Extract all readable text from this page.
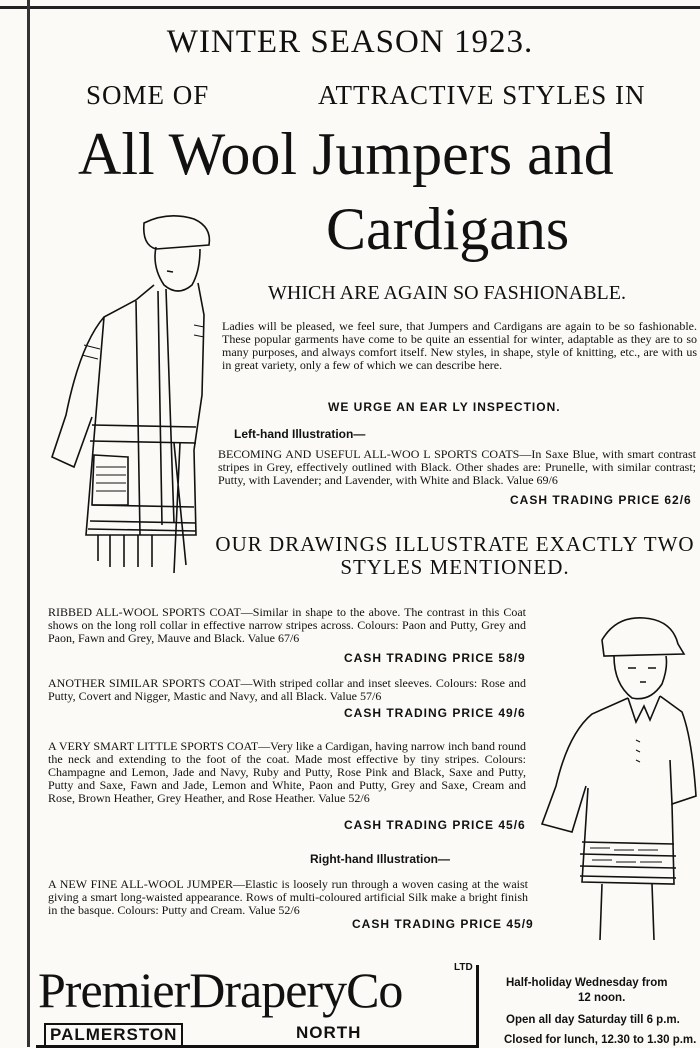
WINTER SEASON 1923.
SOME OF	ATTRACTIVE STYLES IN
All Wool Jumpers and
Cardigans
WHICH ARE AGAIN SO FASHIONABLE.
Ladies will be pleased, we feel sure, that Jumpers and Cardigans are again to be so fashionable. These popular garments have come to be quite an essential for winter, adaptable as they are to so many purposes, and always comfort itself. New styles, in shape, style of knitting, etc., are with us in great variety, only a few of which we can describe here.
WE URGE AN EAR LY INSPECTION.
Left-hand Illustration—
BECOMING AND USEFUL ALL-WOO L SPORTS COATS—In Saxe Blue, with smart contrast stripes in Grey, effectively outlined with Black. Other shades are: Prunelle, with similar contrast; Putty, with Lavender; and Lavender, with White and Black. Value 69/6
CASH TRADING PRICE 62/6
OUR DRAWINGS ILLUSTRATE EXACTLY TWO
STYLES MENTIONED.
RIBBED ALL-WOOL SPORTS COAT—Similar in shape to the above. The contrast in this Coat shows on the long roll collar in effective narrow stripes across. Colours: Paon and Putty, Grey and Paon, Fawn and Grey, Mauve and Black. Value 67/6
CASH TRADING PRICE 58/9
ANOTHER SIMILAR SPORTS COAT—With striped collar and inset sleeves. Colours: Rose and Putty, Covert and Nigger, Mastic and Navy, and all Black. Value 57/6
CASH TRADING PRICE 49/6
A VERY SMART LITTLE SPORTS COAT—Very like a Cardigan, having narrow inch band round the neck and extending to the foot of the coat. Made most effective by tiny stripes. Colours: Champagne and Lemon, Jade and Navy, Ruby and Putty, Rose Pink and Black, Saxe and Putty, Putty and Saxe, Fawn and Jade, Lemon and White, Paon and Putty, Grey and Saxe, Cream and Rose, Brown Heather, Grey Heather, and Rose Heather. Value 52/6
CASH TRADING PRICE 45/6
Right-hand Illustration—
A NEW FINE ALL-WOOL JUMPER—Elastic is loosely run through a woven casing at the waist giving a smart long-waisted appearance. Rows of multi-coloured artificial Silk make a bright finish in the basque. Colours: Putty and Cream. Value 52/6
CASH TRADING PRICE 45/9
PremierDraperyCo	LTD
PALMERSTON	NORTH
Half-holiday Wednesday from
12 noon.
Open all day Saturday till 6 p.m.
Closed for lunch, 12.30 to 1.30 p.m.
